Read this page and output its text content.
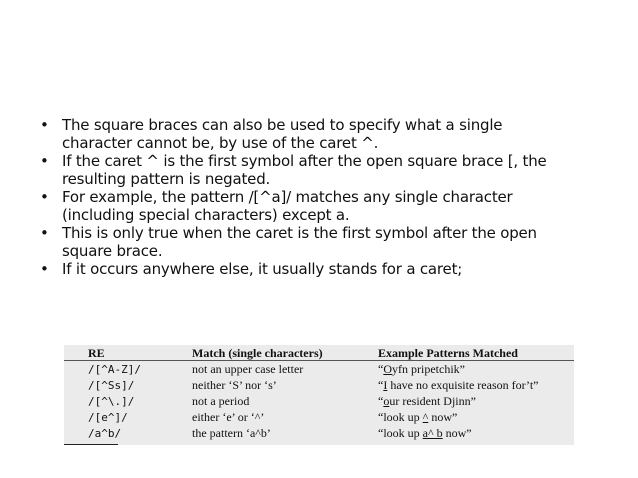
• The square braces can also be used to specify what a single
character cannot be, by use of the caret ^.
• If the caret ^ is the first symbol after the open square brace [, the
resulting pattern is negated.
• For example, the pattern /[^a]/ matches any single character
(including special characters) except a.
• This is only true when the caret is the first symbol after the open
square brace.
• If it occurs anywhere else, it usually stands for a caret;
RE	Match (single characters)	Example Patterns Matched
/[^A-Z]/	not an upper case letter	“Oyfn pripetchik”
/[^Ss]/	neither ‘S’ nor ‘s’	“I have no exquisite reason for’t”
/[^\.]/	not a period	“our resident Djinn”
/[e^]/	either ‘e’ or ‘^’	“look up ^ now”
/a^b/	the pattern ‘a^b’	“look up a^ b now”
